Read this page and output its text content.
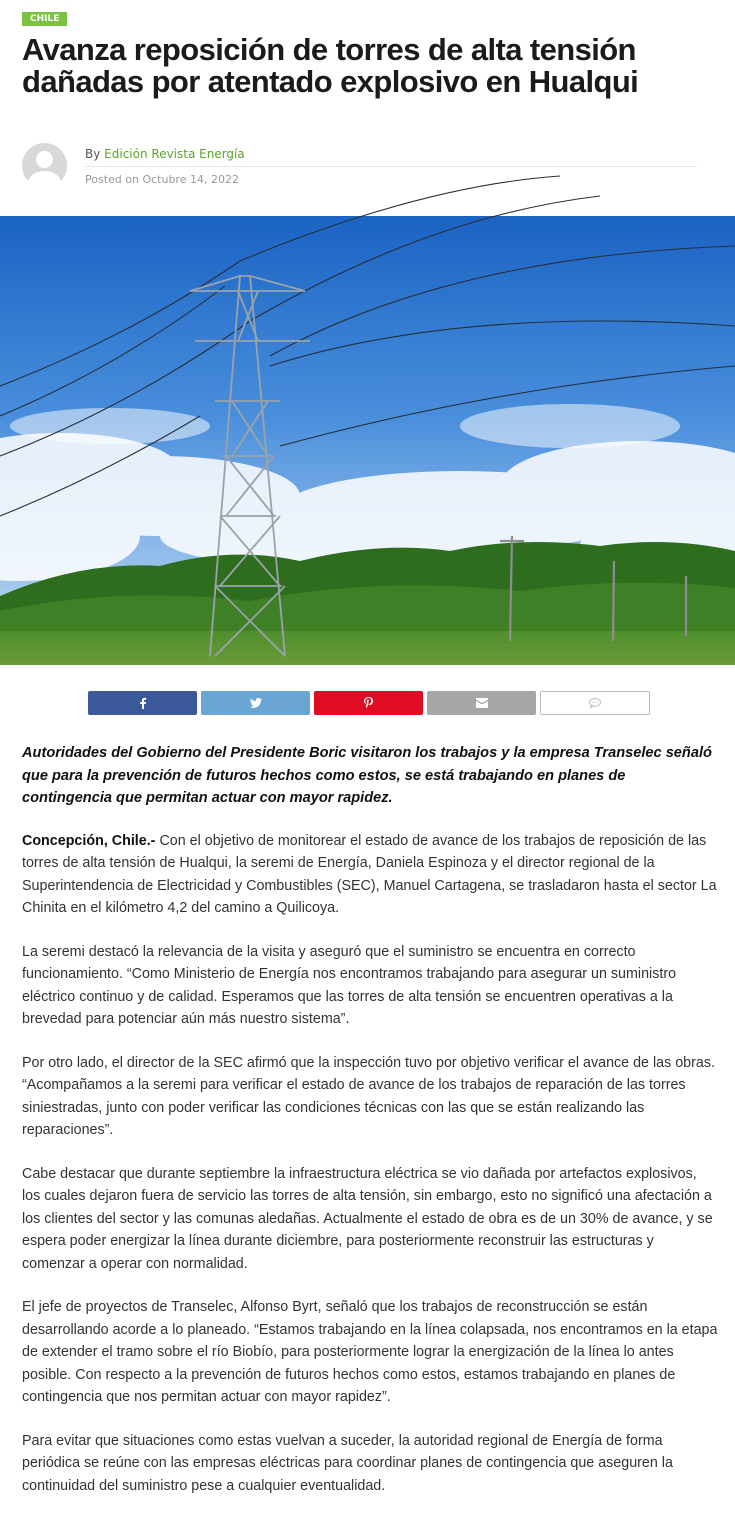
CHILE
Avanza reposición de torres de alta tensión dañadas por atentado explosivo en Hualqui
By Edición Revista Energía
Posted on Octubre 14, 2022

Autoridades del Gobierno del Presidente Boric visitaron los trabajos y la empresa Transelec señaló que para la prevención de futuros hechos como estos, se está trabajando en planes de contingencia que permitan actuar con mayor rapidez.

Concepción, Chile.- Con el objetivo de monitorear el estado de avance de los trabajos de reposición de las torres de alta tensión de Hualqui, la seremi de Energía, Daniela Espinoza y el director regional de la Superintendencia de Electricidad y Combustibles (SEC), Manuel Cartagena, se trasladaron hasta el sector La Chinita en el kilómetro 4,2 del camino a Quilicoya.

La seremi destacó la relevancia de la visita y aseguró que el suministro se encuentra en correcto funcionamiento. “Como Ministerio de Energía nos encontramos trabajando para asegurar un suministro eléctrico continuo y de calidad. Esperamos que las torres de alta tensión se encuentren operativas a la brevedad para potenciar aún más nuestro sistema”.

Por otro lado, el director de la SEC afirmó que la inspección tuvo por objetivo verificar el avance de las obras. “Acompañamos a la seremi para verificar el estado de avance de los trabajos de reparación de las torres siniestradas, junto con poder verificar las condiciones técnicas con las que se están realizando las reparaciones”.

Cabe destacar que durante septiembre la infraestructura eléctrica se vio dañada por artefactos explosivos, los cuales dejaron fuera de servicio las torres de alta tensión, sin embargo, esto no significó una afectación a los clientes del sector y las comunas aledañas. Actualmente el estado de obra es de un 30% de avance, y se espera poder energizar la línea durante diciembre, para posteriormente reconstruir las estructuras y comenzar a operar con normalidad.

El jefe de proyectos de Transelec, Alfonso Byrt, señaló que los trabajos de reconstrucción se están desarrollando acorde a lo planeado. “Estamos trabajando en la línea colapsada, nos encontramos en la etapa de extender el tramo sobre el río Biobío, para posteriormente lograr la energización de la línea lo antes posible. Con respecto a la prevención de futuros hechos como estos, estamos trabajando en planes de contingencia que nos permitan actuar con mayor rapidez”.

Para evitar que situaciones como estas vuelvan a suceder, la autoridad regional de Energía de forma periódica se reúne con las empresas eléctricas para coordinar planes de contingencia que aseguren la continuidad del suministro pese a cualquier eventualidad.
